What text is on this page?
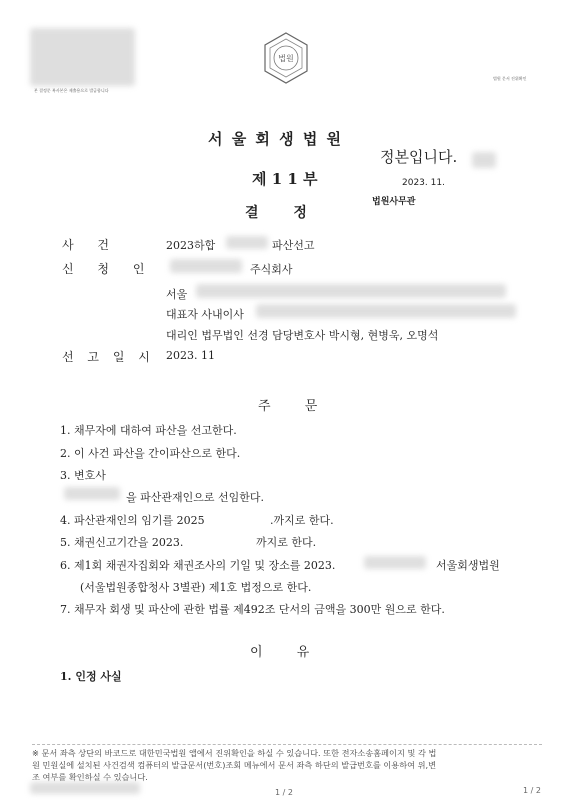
본 결정문 복사본은 제출용으로 발급합니다
법원
법원 문서 진위확인
서 울 회 생 법 원
정본입니다.
2023. 11.
법원사무관
제 1 1 부
결 정
사 건	2023하합	파산선고
신 청 인	주식회사
서울
대표자 사내이사
대리인 법무법인 선경 담당변호사 박시형, 현병욱, 오명석
선 고 일 시 2023. 11
주 문
1. 채무자에 대하여 파산을 선고한다.
2. 이 사건 파산을 간이파산으로 한다.
3. 변호사
을 파산관재인으로 선임한다.
4. 파산관재인의 임기를 2025	.까지로 한다.
5. 채권신고기간을 2023.	까지로 한다.
6. 제1회 채권자집회와 채권조사의 기일 및 장소를 2023.	서울회생법원
(서울법원종합청사 3별관) 제1호 법정으로 한다.
7. 채무자 회생 및 파산에 관한 법률 제492조 단서의 금액을 300만 원으로 한다.
이 유
1. 인정 사실
※ 문서 좌측 상단의 바코드로 대한민국법원 앱에서 진위확인을 하실 수 있습니다. 또한 전자소송홈페이지 및 각 법
원 민원실에 설치된 사건검색 컴퓨터의 발급문서(번호)조회 메뉴에서 문서 좌측 하단의 발급번호를 이용하여 위,변
조 여부를 확인하실 수 있습니다.
1 / 2	1 / 2
